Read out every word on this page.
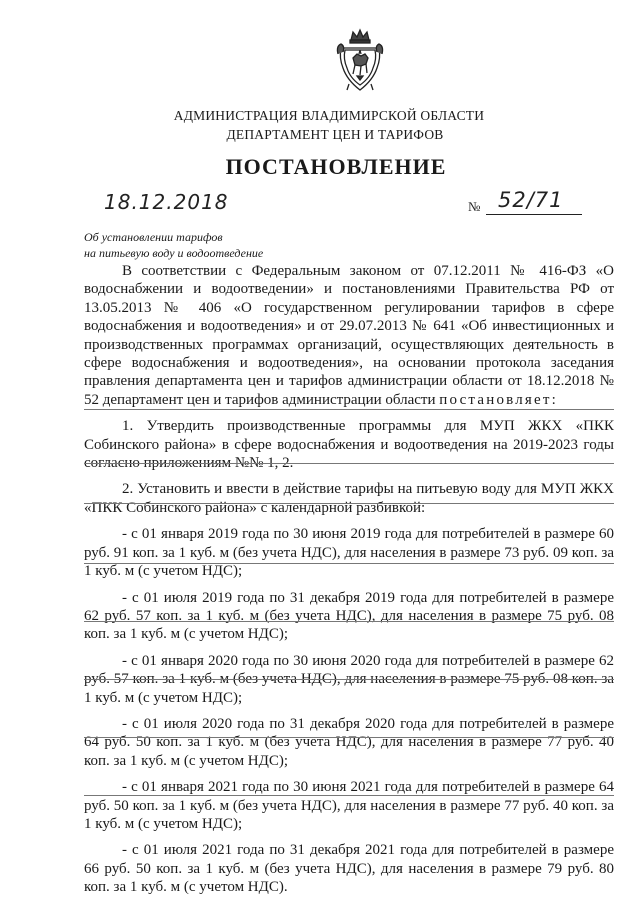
АДМИНИСТРАЦИЯ ВЛАДИМИРСКОЙ ОБЛАСТИ
ДЕПАРТАМЕНТ ЦЕН И ТАРИФОВ
ПОСТАНОВЛЕНИЕ
18.12.2018	№ 52/71
Об установлении тарифов
на питьевую воду и водоотведение

В соответствии с Федеральным законом от 07.12.2011 № 416-ФЗ «О водоснабжении и водоотведении» и постановлениями Правительства РФ от 13.05.2013 № 406 «О государственном регулировании тарифов в сфере водоснабжения и водоотведения» и от 29.07.2013 № 641 «Об инвестиционных и производственных программах организаций, осуществляющих деятельность в сфере водоснабжения и водоотведения», на основании протокола заседания правления департамента цен и тарифов администрации области от 18.12.2018 № 52 департамент цен и тарифов администрации области постановляет:

1. Утвердить производственные программы для МУП ЖКХ «ПКК Собинского района» в сфере водоснабжения и водоотведения на 2019-2023 годы согласно приложениям №№ 1, 2.

2. Установить и ввести в действие тарифы на питьевую воду для МУП ЖКХ «ПКК Собинского района» с календарной разбивкой:

- с 01 января 2019 года по 30 июня 2019 года для потребителей в размере 60 руб. 91 коп. за 1 куб. м (без учета НДС), для населения в размере 73 руб. 09 коп. за 1 куб. м (с учетом НДС);

- с 01 июля 2019 года по 31 декабря 2019 года для потребителей в размере 62 руб. 57 коп. за 1 куб. м (без учета НДС), для населения в размере 75 руб. 08 коп. за 1 куб. м (с учетом НДС);

- с 01 января 2020 года по 30 июня 2020 года для потребителей в размере 62 руб. 57 коп. за 1 куб. м (без учета НДС), для населения в размере 75 руб. 08 коп. за 1 куб. м (с учетом НДС);

- с 01 июля 2020 года по 31 декабря 2020 года для потребителей в размере 64 руб. 50 коп. за 1 куб. м (без учета НДС), для населения в размере 77 руб. 40 коп. за 1 куб. м (с учетом НДС);

- с 01 января 2021 года по 30 июня 2021 года для потребителей в размере 64 руб. 50 коп. за 1 куб. м (без учета НДС), для населения в размере 77 руб. 40 коп. за 1 куб. м (с учетом НДС);

- с 01 июля 2021 года по 31 декабря 2021 года для потребителей в размере 66 руб. 50 коп. за 1 куб. м (без учета НДС), для населения в размере 79 руб. 80 коп. за 1 куб. м (с учетом НДС).
